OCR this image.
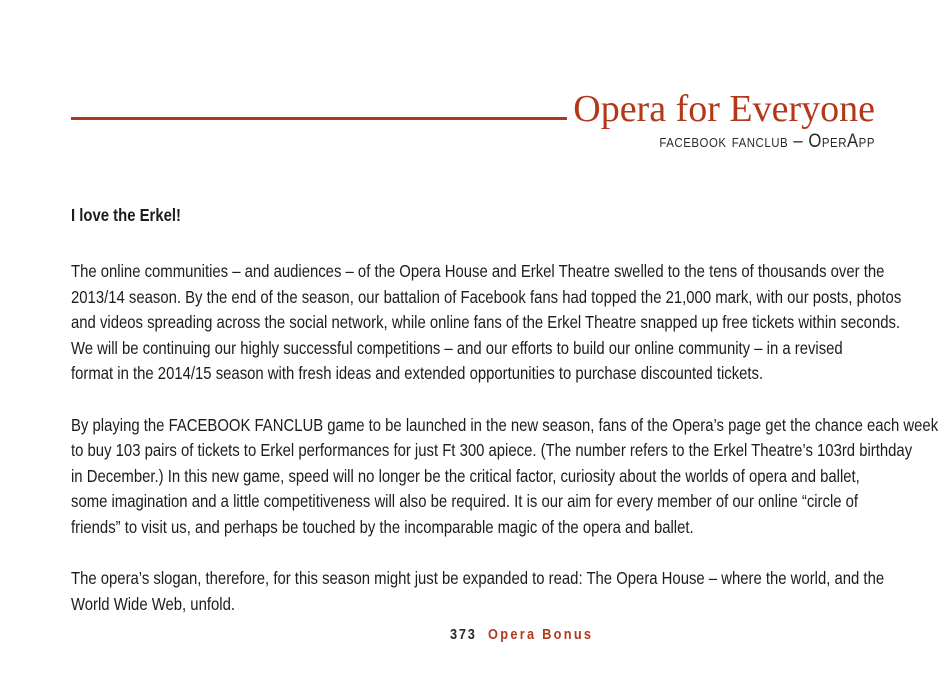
Opera for Everyone
facebook fanclub – OperApp
I love the Erkel!
The online communities – and audiences – of the Opera House and Erkel Theatre swelled to the tens of thousands over the
2013/14 season. By the end of the season, our battalion of Facebook fans had topped the 21,000 mark, with our posts, photos
and videos spreading across the social network, while online fans of the Erkel Theatre snapped up free tickets within seconds.
We will be continuing our highly successful competitions – and our efforts to build our online community – in a revised
format in the 2014/15 season with fresh ideas and extended opportunities to purchase discounted tickets.
By playing the FACEBOOK FANCLUB game to be launched in the new season, fans of the Opera’s page get the chance each week
to buy 103 pairs of tickets to Erkel performances for just Ft 300 apiece. (The number refers to the Erkel Theatre’s 103rd birthday
in December.) In this new game, speed will no longer be the critical factor, curiosity about the worlds of opera and ballet,
some imagination and a little competitiveness will also be required. It is our aim for every member of our online “circle of
friends” to visit us, and perhaps be touched by the incomparable magic of the opera and ballet.
The opera’s slogan, therefore, for this season might just be expanded to read: The Opera House – where the world, and the
World Wide Web, unfold.
373 Opera Bonus
